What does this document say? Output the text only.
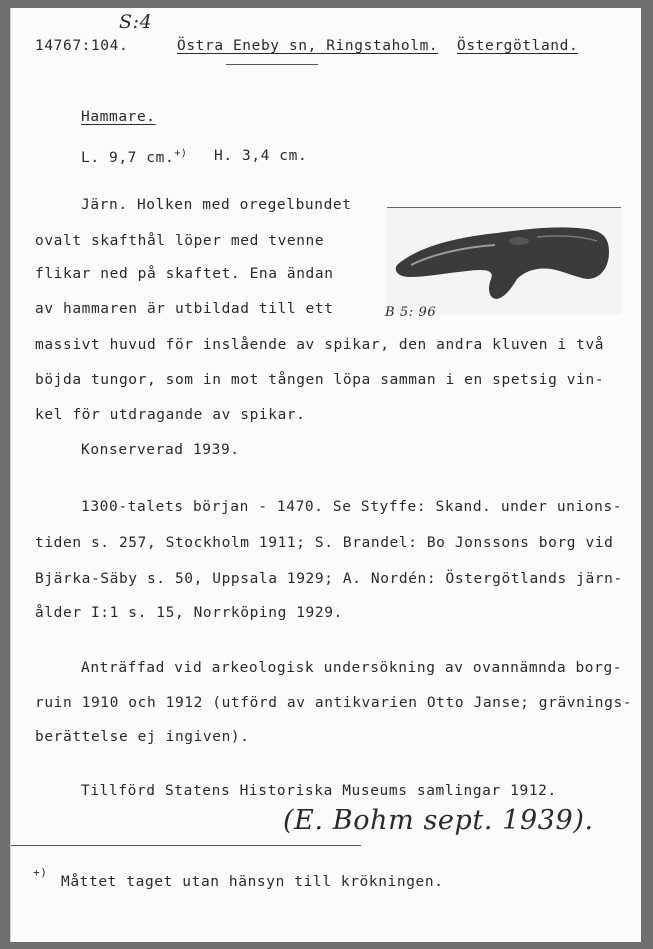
S:4
14767:104.	Östra Eneby sn, Ringstaholm. Östergötland.
Hammare.
L. 9,7 cm.+) H. 3,4 cm.
Järn. Holken med oregelbundet
ovalt skafthål löper med tvenne
flikar ned på skaftet. Ena ändan
av hammaren är utbildad till ett
massivt huvud för inslående av spikar, den andra kluven i två
böjda tungor, som in mot tången löpa samman i en spetsig vin-
kel för utdragande av spikar.
Konserverad 1939.
B 5: 96
1300-talets början - 1470. Se Styffe: Skand. under unions-
tiden s. 257, Stockholm 1911; S. Brandel: Bo Jonssons borg vid
Bjärka-Säby s. 50, Uppsala 1929; A. Nordén: Östergötlands järn-
ålder I:1 s. 15, Norrköping 1929.
Anträffad vid arkeologisk undersökning av ovannämnda borg-
ruin 1910 och 1912 (utförd av antikvarien Otto Janse; grävnings-
berättelse ej ingiven).
Tillförd Statens Historiska Museums samlingar 1912.
(E. Bohm sept. 1939).
+)
Måttet taget utan hänsyn till krökningen.
